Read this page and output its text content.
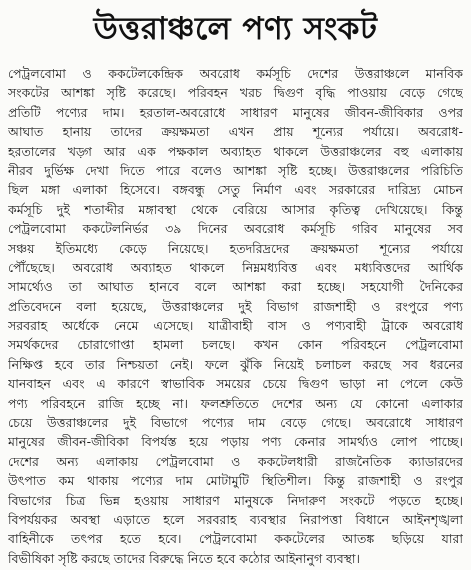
উত্তরাঞ্চলে পণ্য সংকট
পেট্রলবোমা ও ককটেলকেন্দ্রিক অবরোধ কর্মসূচি দেশের উত্তরাঞ্চলে মানবিক
সংকটের আশঙ্কা সৃষ্টি করেছে। পরিবহন খরচ দ্বিগুণ বৃদ্ধি পাওয়ায় বেড়ে গেছে
প্রতিটি পণ্যের দাম। হরতাল-অবরোধে সাধারণ মানুষের জীবন-জীবিকার ওপর
আঘাত হানায় তাদের ক্রয়ক্ষমতা এখন প্রায় শূন্যের পর্যায়ে। অবরোধ-
হরতালের খড়্গ আর এক পক্ষকাল অব্যাহত থাকলে উত্তরাঞ্চলের বহু এলাকায়
নীরব দুর্ভিক্ষ দেখা দিতে পারে বলেও আশঙ্কা সৃষ্টি হচ্ছে। উত্তরাঞ্চলের পরিচিতি
ছিল মঙ্গা এলাকা হিসেবে। বঙ্গবন্ধু সেতু নির্মাণ এবং সরকারের দারিদ্র্য মোচন
কর্মসূচি দুই শতাব্দীর মঙ্গাবস্থা থেকে বেরিয়ে আসার কৃতিত্ব দেখিয়েছে। কিন্তু
পেট্রলবোমা ককটেলনির্ভর ৩৯ দিনের অবরোধ কর্মসূচি গরিব মানুষের সব
সঞ্চয় ইতিমধ্যে কেড়ে নিয়েছে। হতদরিদ্রদের ক্রয়ক্ষমতা শূন্যের পর্যায়ে
পৌঁছেছে। অবরোধ অব্যাহত থাকলে নিম্নমধ্যবিত্ত এবং মধ্যবিত্তদের আর্থিক
সামর্থ্যেও তা আঘাত হানবে বলে আশঙ্কা করা হচ্ছে। সহযোগী দৈনিকের
প্রতিবেদনে বলা হয়েছে, উত্তরাঞ্চলের দুই বিভাগ রাজশাহী ও রংপুরে পণ্য
সরবরাহ অর্ধেকে নেমে এসেছে। যাত্রীবাহী বাস ও পণ্যবাহী ট্রাকে অবরোধ
সমর্থকদের চোরাগোপ্তা হামলা চলছে। কখন কোন পরিবহনে পেট্রলবোমা
নিক্ষিপ্ত হবে তার নিশ্চয়তা নেই। ফলে ঝুঁকি নিয়েই চলাচল করছে সব ধরনের
যানবাহন এবং এ কারণে স্বাভাবিক সময়ের চেয়ে দ্বিগুণ ভাড়া না পেলে কেউ
পণ্য পরিবহনে রাজি হচ্ছে না। ফলশ্রুতিতে দেশের অন্য যে কোনো এলাকার
চেয়ে উত্তরাঞ্চলের দুই বিভাগে পণ্যের দাম বেড়ে গেছে। অবরোধে সাধারণ
মানুষের জীবন-জীবিকা বিপর্যস্ত হয়ে পড়ায় পণ্য কেনার সামর্থ্যও লোপ পাচ্ছে।
দেশের অন্য এলাকায় পেট্রলবোমা ও ককটেলধারী রাজনৈতিক ক্যাডারদের
উৎপাত কম থাকায় পণ্যের দাম মোটামুটি স্থিতিশীল। কিন্তু রাজশাহী ও রংপুর
বিভাগের চিত্র ভিন্ন হওয়ায় সাধারণ মানুষকে নিদারুণ সংকটে পড়তে হচ্ছে।
বিপর্যয়কর অবস্থা এড়াতে হলে সরবরাহ ব্যবস্থার নিরাপত্তা বিধানে আইনশৃঙ্খলা
বাহিনীকে তৎপর হতে হবে। পেট্রলবোমা ককটেলের আতঙ্ক ছড়িয়ে যারা
বিভীষিকা সৃষ্টি করছে তাদের বিরুদ্ধে নিতে হবে কঠোর আইনানুগ ব্যবস্থা।
